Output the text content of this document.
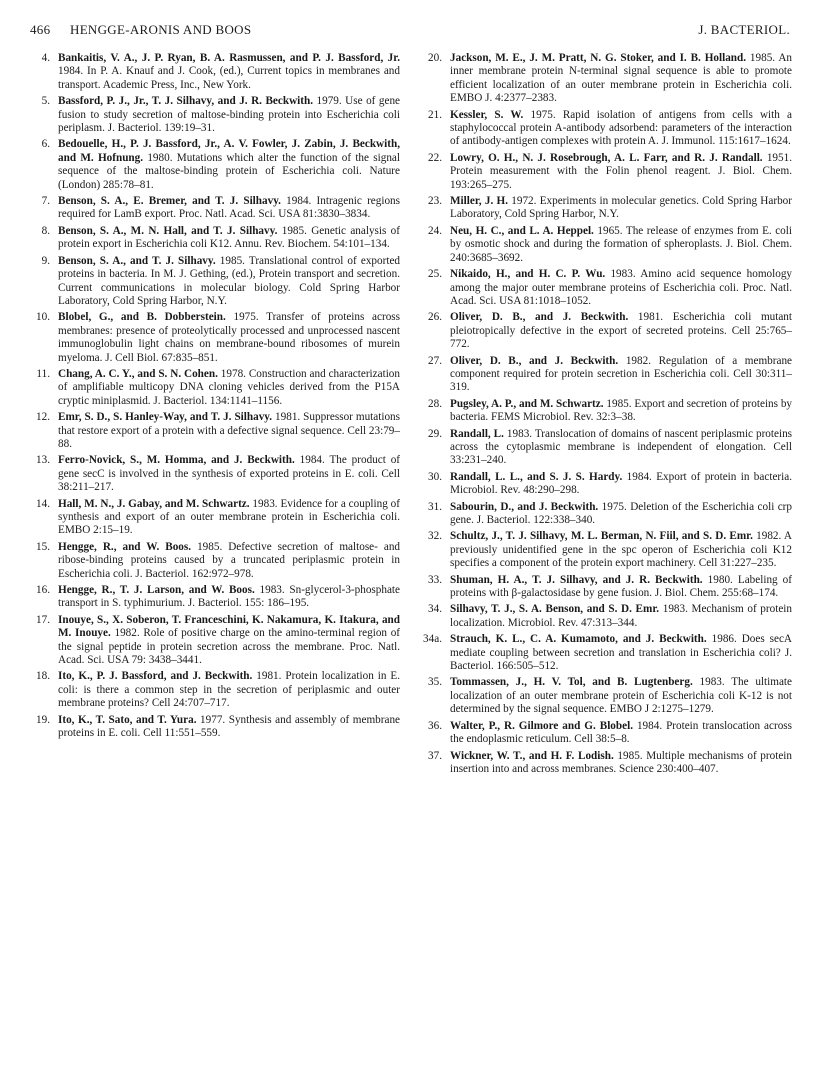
466 HENGGE-ARONIS AND BOOS	J. BACTERIOL.
4. Bankaitis, V. A., J. P. Ryan, B. A. Rasmussen, and P. J. Bassford, Jr. 1984. In P. A. Knauf and J. Cook, (ed.), Current topics in membranes and transport. Academic Press, Inc., New York.
5. Bassford, P. J., Jr., T. J. Silhavy, and J. R. Beckwith. 1979. Use of gene fusion to study secretion of maltose-binding protein into Escherichia coli periplasm. J. Bacteriol. 139:19–31.
6. Bedouelle, H., P. J. Bassford, Jr., A. V. Fowler, J. Zabin, J. Beckwith, and M. Hofnung. 1980. Mutations which alter the function of the signal sequence of the maltose-binding protein of Escherichia coli. Nature (London) 285:78–81.
7. Benson, S. A., E. Bremer, and T. J. Silhavy. 1984. Intragenic regions required for LamB export. Proc. Natl. Acad. Sci. USA 81:3830–3834.
8. Benson, S. A., M. N. Hall, and T. J. Silhavy. 1985. Genetic analysis of protein export in Escherichia coli K12. Annu. Rev. Biochem. 54:101–134.
9. Benson, S. A., and T. J. Silhavy. 1985. Translational control of exported proteins in bacteria. In M. J. Gething, (ed.), Protein transport and secretion. Current communications in molecular biology. Cold Spring Harbor Laboratory, Cold Spring Harbor, N.Y.
10. Blobel, G., and B. Dobberstein. 1975. Transfer of proteins across membranes: presence of proteolytically processed and unprocessed nascent immunoglobulin light chains on membrane-bound ribosomes of murein myeloma. J. Cell Biol. 67:835–851.
11. Chang, A. C. Y., and S. N. Cohen. 1978. Construction and characterization of amplifiable multicopy DNA cloning vehicles derived from the P15A cryptic miniplasmid. J. Bacteriol. 134:1141–1156.
12. Emr, S. D., S. Hanley-Way, and T. J. Silhavy. 1981. Suppressor mutations that restore export of a protein with a defective signal sequence. Cell 23:79–88.
13. Ferro-Novick, S., M. Homma, and J. Beckwith. 1984. The product of gene secC is involved in the synthesis of exported proteins in E. coli. Cell 38:211–217.
14. Hall, M. N., J. Gabay, and M. Schwartz. 1983. Evidence for a coupling of synthesis and export of an outer membrane protein in Escherichia coli. EMBO 2:15–19.
15. Hengge, R., and W. Boos. 1985. Defective secretion of maltose- and ribose-binding proteins caused by a truncated periplasmic protein in Escherichia coli. J. Bacteriol. 162:972–978.
16. Hengge, R., T. J. Larson, and W. Boos. 1983. Sn-glycerol-3-phosphate transport in S. typhimurium. J. Bacteriol. 155: 186–195.
17. Inouye, S., X. Soberon, T. Franceschini, K. Nakamura, K. Itakura, and M. Inouye. 1982. Role of positive charge on the amino-terminal region of the signal peptide in protein secretion across the membrane. Proc. Natl. Acad. Sci. USA 79: 3438–3441.
18. Ito, K., P. J. Bassford, and J. Beckwith. 1981. Protein localization in E. coli: is there a common step in the secretion of periplasmic and outer membrane proteins? Cell 24:707–717.
19. Ito, K., T. Sato, and T. Yura. 1977. Synthesis and assembly of membrane proteins in E. coli. Cell 11:551–559.
20. Jackson, M. E., J. M. Pratt, N. G. Stoker, and I. B. Holland. 1985. An inner membrane protein N-terminal signal sequence is able to promote efficient localization of an outer membrane protein in Escherichia coli. EMBO J. 4:2377–2383.
21. Kessler, S. W. 1975. Rapid isolation of antigens from cells with a staphylococcal protein A-antibody adsorbend: parameters of the interaction of antibody-antigen complexes with protein A. J. Immunol. 115:1617–1624.
22. Lowry, O. H., N. J. Rosebrough, A. L. Farr, and R. J. Randall. 1951. Protein measurement with the Folin phenol reagent. J. Biol. Chem. 193:265–275.
23. Miller, J. H. 1972. Experiments in molecular genetics. Cold Spring Harbor Laboratory, Cold Spring Harbor, N.Y.
24. Neu, H. C., and L. A. Heppel. 1965. The release of enzymes from E. coli by osmotic shock and during the formation of spheroplasts. J. Biol. Chem. 240:3685–3692.
25. Nikaido, H., and H. C. P. Wu. 1983. Amino acid sequence homology among the major outer membrane proteins of Escherichia coli. Proc. Natl. Acad. Sci. USA 81:1018–1052.
26. Oliver, D. B., and J. Beckwith. 1981. Escherichia coli mutant pleiotropically defective in the export of secreted proteins. Cell 25:765–772.
27. Oliver, D. B., and J. Beckwith. 1982. Regulation of a membrane component required for protein secretion in Escherichia coli. Cell 30:311–319.
28. Pugsley, A. P., and M. Schwartz. 1985. Export and secretion of proteins by bacteria. FEMS Microbiol. Rev. 32:3–38.
29. Randall, L. 1983. Translocation of domains of nascent periplasmic proteins across the cytoplasmic membrane is independent of elongation. Cell 33:231–240.
30. Randall, L. L., and S. J. S. Hardy. 1984. Export of protein in bacteria. Microbiol. Rev. 48:290–298.
31. Sabourin, D., and J. Beckwith. 1975. Deletion of the Escherichia coli crp gene. J. Bacteriol. 122:338–340.
32. Schultz, J., T. J. Silhavy, M. L. Berman, N. Fiil, and S. D. Emr. 1982. A previously unidentified gene in the spc operon of Escherichia coli K12 specifies a component of the protein export machinery. Cell 31:227–235.
33. Shuman, H. A., T. J. Silhavy, and J. R. Beckwith. 1980. Labeling of proteins with β-galactosidase by gene fusion. J. Biol. Chem. 255:68–174.
34. Silhavy, T. J., S. A. Benson, and S. D. Emr. 1983. Mechanism of protein localization. Microbiol. Rev. 47:313–344.
34a. Strauch, K. L., C. A. Kumamoto, and J. Beckwith. 1986. Does secA mediate coupling between secretion and translation in Escherichia coli? J. Bacteriol. 166:505–512.
35. Tommassen, J., H. V. Tol, and B. Lugtenberg. 1983. The ultimate localization of an outer membrane protein of Escherichia coli K-12 is not determined by the signal sequence. EMBO J 2:1275–1279.
36. Walter, P., R. Gilmore and G. Blobel. 1984. Protein translocation across the endoplasmic reticulum. Cell 38:5–8.
37. Wickner, W. T., and H. F. Lodish. 1985. Multiple mechanisms of protein insertion into and across membranes. Science 230:400–407.
